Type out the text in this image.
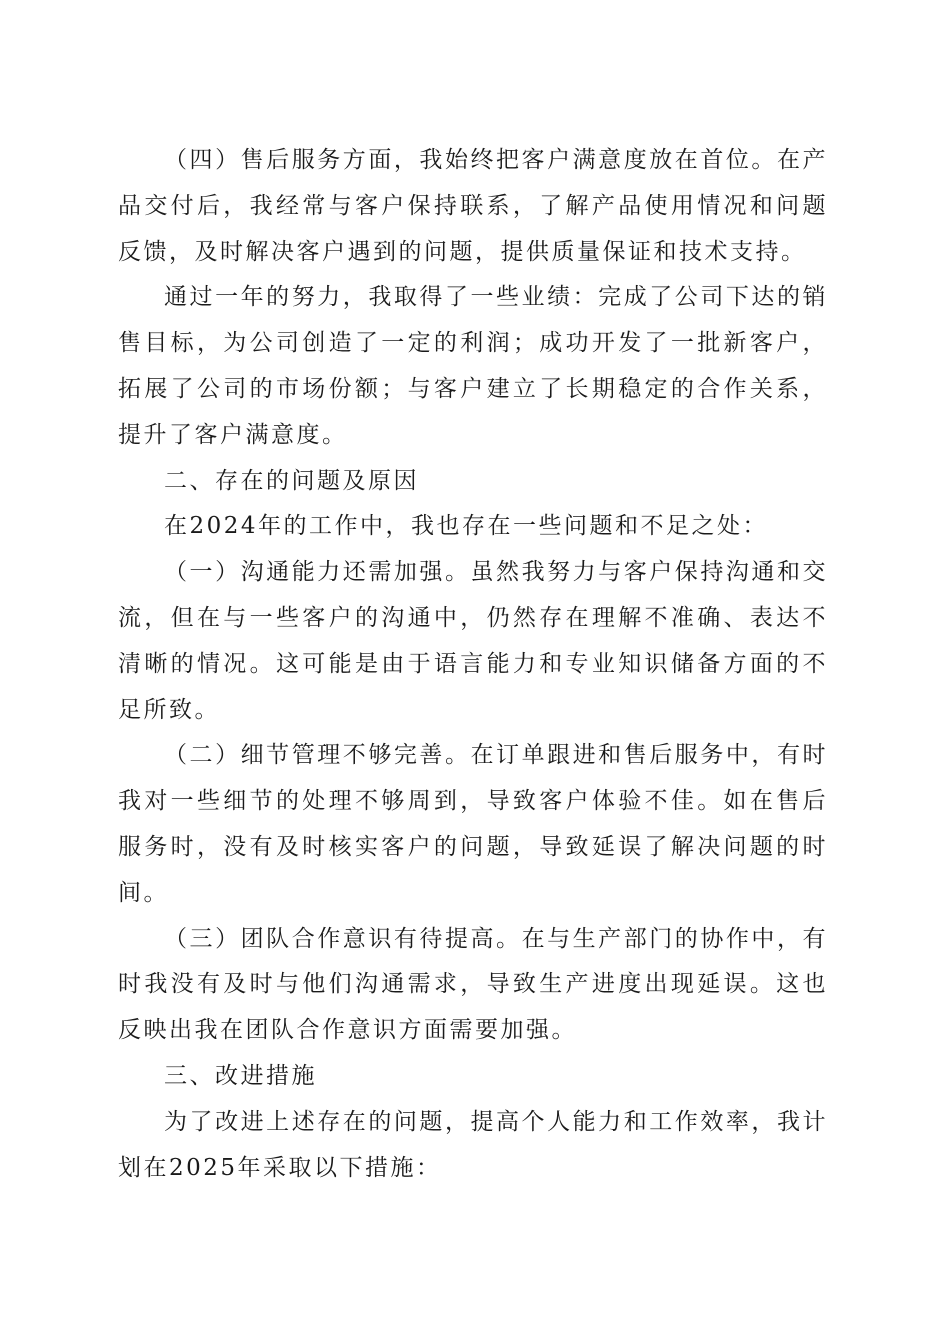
（四）售后服务方面，我始终把客户满意度放在首位。在产品交付后，我经常与客户保持联系，了解产品使用情况和问题反馈，及时解决客户遇到的问题，提供质量保证和技术支持。

通过一年的努力，我取得了一些业绩：完成了公司下达的销售目标，为公司创造了一定的利润；成功开发了一批新客户，拓展了公司的市场份额；与客户建立了长期稳定的合作关系，提升了客户满意度。

二、存在的问题及原因

在2024年的工作中，我也存在一些问题和不足之处：

（一）沟通能力还需加强。虽然我努力与客户保持沟通和交流，但在与一些客户的沟通中，仍然存在理解不准确、表达不清晰的情况。这可能是由于语言能力和专业知识储备方面的不足所致。

（二）细节管理不够完善。在订单跟进和售后服务中，有时我对一些细节的处理不够周到，导致客户体验不佳。如在售后服务时，没有及时核实客户的问题，导致延误了解决问题的时间。

（三）团队合作意识有待提高。在与生产部门的协作中，有时我没有及时与他们沟通需求，导致生产进度出现延误。这也反映出我在团队合作意识方面需要加强。

三、改进措施

为了改进上述存在的问题，提高个人能力和工作效率，我计划在2025年采取以下措施：
